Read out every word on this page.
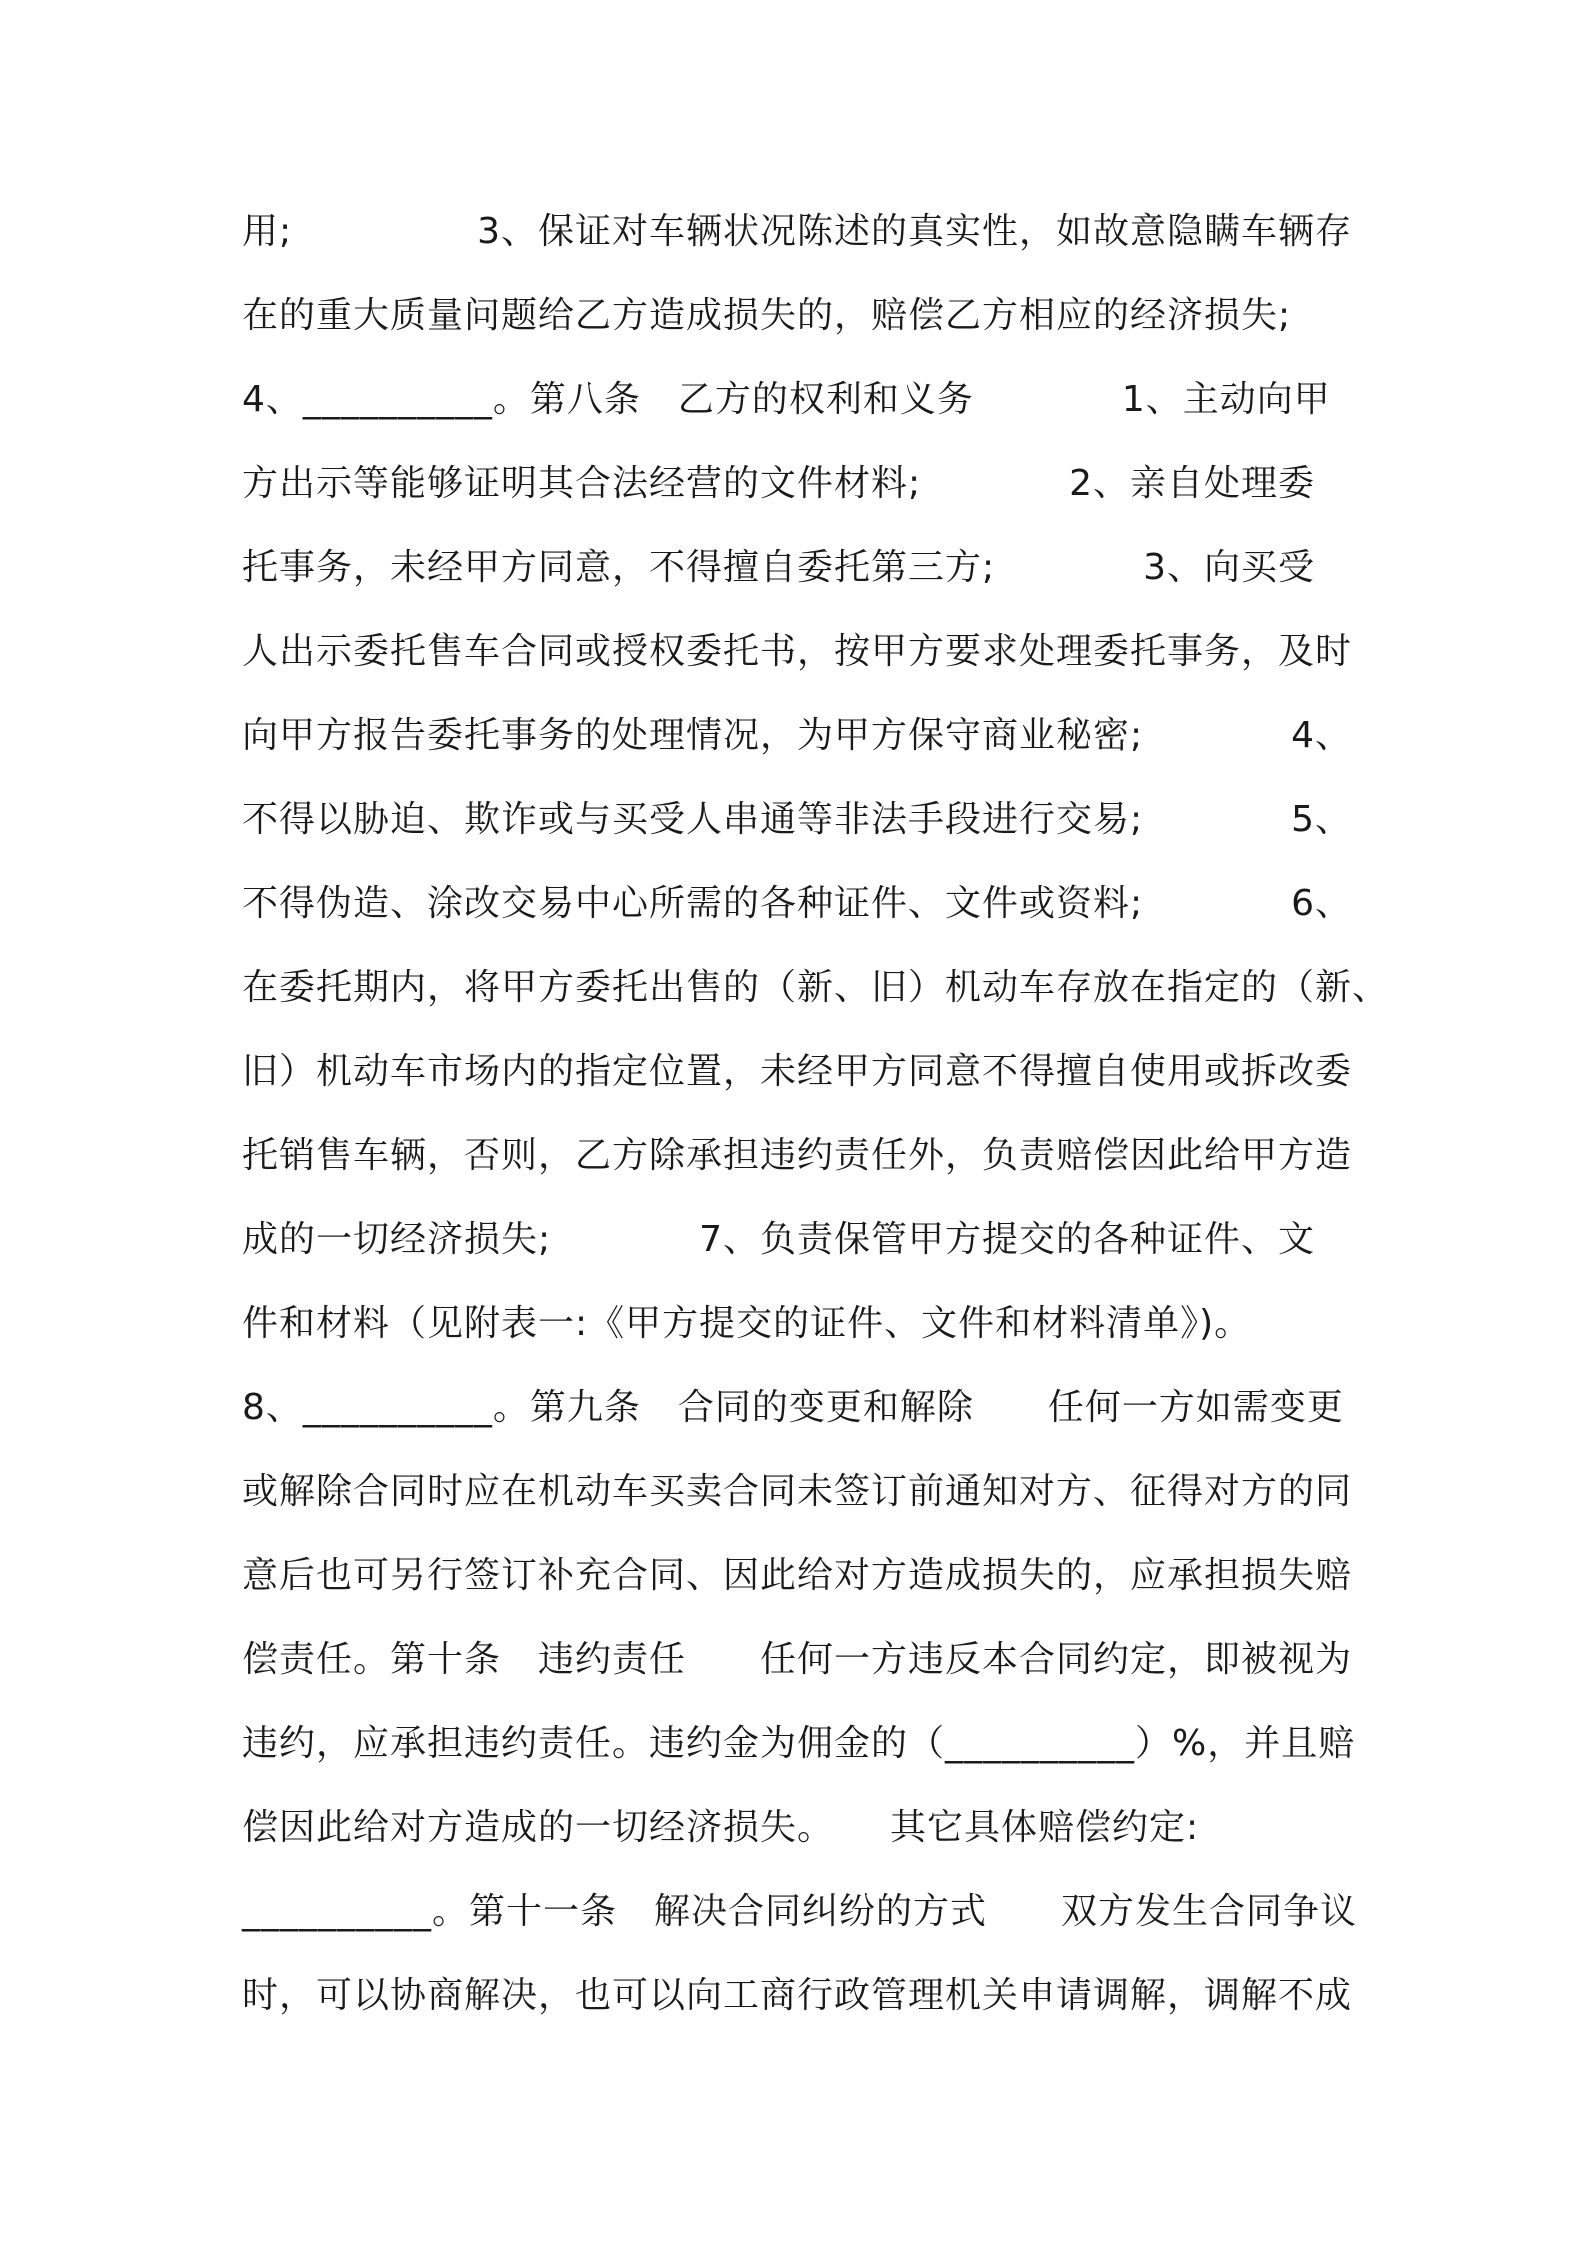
用;　　　　　3、保证对车辆状况陈述的真实性，如故意隐瞒车辆存
在的重大质量问题给乙方造成损失的，赔偿乙方相应的经济损失;
4、__________。第八条　乙方的权利和义务　　　　1、主动向甲
方出示等能够证明其合法经营的文件材料;　　　　2、亲自处理委
托事务，未经甲方同意，不得擅自委托第三方;　　　　3、向买受
人出示委托售车合同或授权委托书，按甲方要求处理委托事务，及时
向甲方报告委托事务的处理情况，为甲方保守商业秘密;　　　　4、
不得以胁迫、欺诈或与买受人串通等非法手段进行交易;　　　　5、
不得伪造、涂改交易中心所需的各种证件、文件或资料;　　　　6、
在委托期内，将甲方委托出售的（新、旧）机动车存放在指定的（新、
旧）机动车市场内的指定位置，未经甲方同意不得擅自使用或拆改委
托销售车辆，否则，乙方除承担违约责任外，负责赔偿因此给甲方造
成的一切经济损失;　　　　7、负责保管甲方提交的各种证件、文
件和材料（见附表一:《甲方提交的证件、文件和材料清单》)。
8、__________。第九条　合同的变更和解除　　任何一方如需变更
或解除合同时应在机动车买卖合同未签订前通知对方、征得对方的同
意后也可另行签订补充合同、因此给对方造成损失的，应承担损失赔
偿责任。第十条　违约责任　　任何一方违反本合同约定，即被视为
违约，应承担违约责任。违约金为佣金的（__________）%，并且赔
偿因此给对方造成的一切经济损失。　　其它具体赔偿约定:
__________。第十一条　解决合同纠纷的方式　　双方发生合同争议
时，可以协商解决，也可以向工商行政管理机关申请调解，调解不成
